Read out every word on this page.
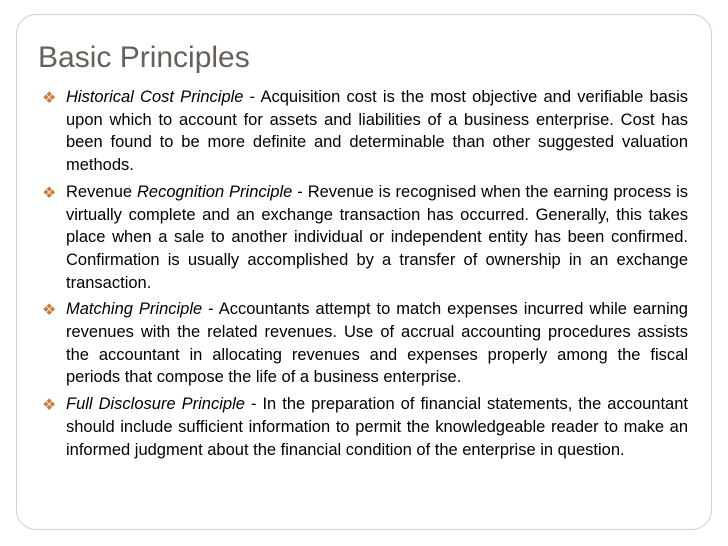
Basic Principles
❖ Historical Cost Principle - Acquisition cost is the most objective and verifiable basis upon which to account for assets and liabilities of a business enterprise. Cost has been found to be more definite and determinable than other suggested valuation methods.
❖ Revenue Recognition Principle - Revenue is recognised when the earning process is virtually complete and an exchange transaction has occurred. Generally, this takes place when a sale to another individual or independent entity has been confirmed. Confirmation is usually accomplished by a transfer of ownership in an exchange transaction.
❖ Matching Principle - Accountants attempt to match expenses incurred while earning revenues with the related revenues. Use of accrual accounting procedures assists the accountant in allocating revenues and expenses properly among the fiscal periods that compose the life of a business enterprise.
❖ Full Disclosure Principle - In the preparation of financial statements, the accountant should include sufficient information to permit the knowledgeable reader to make an informed judgment about the financial condition of the enterprise in question.
